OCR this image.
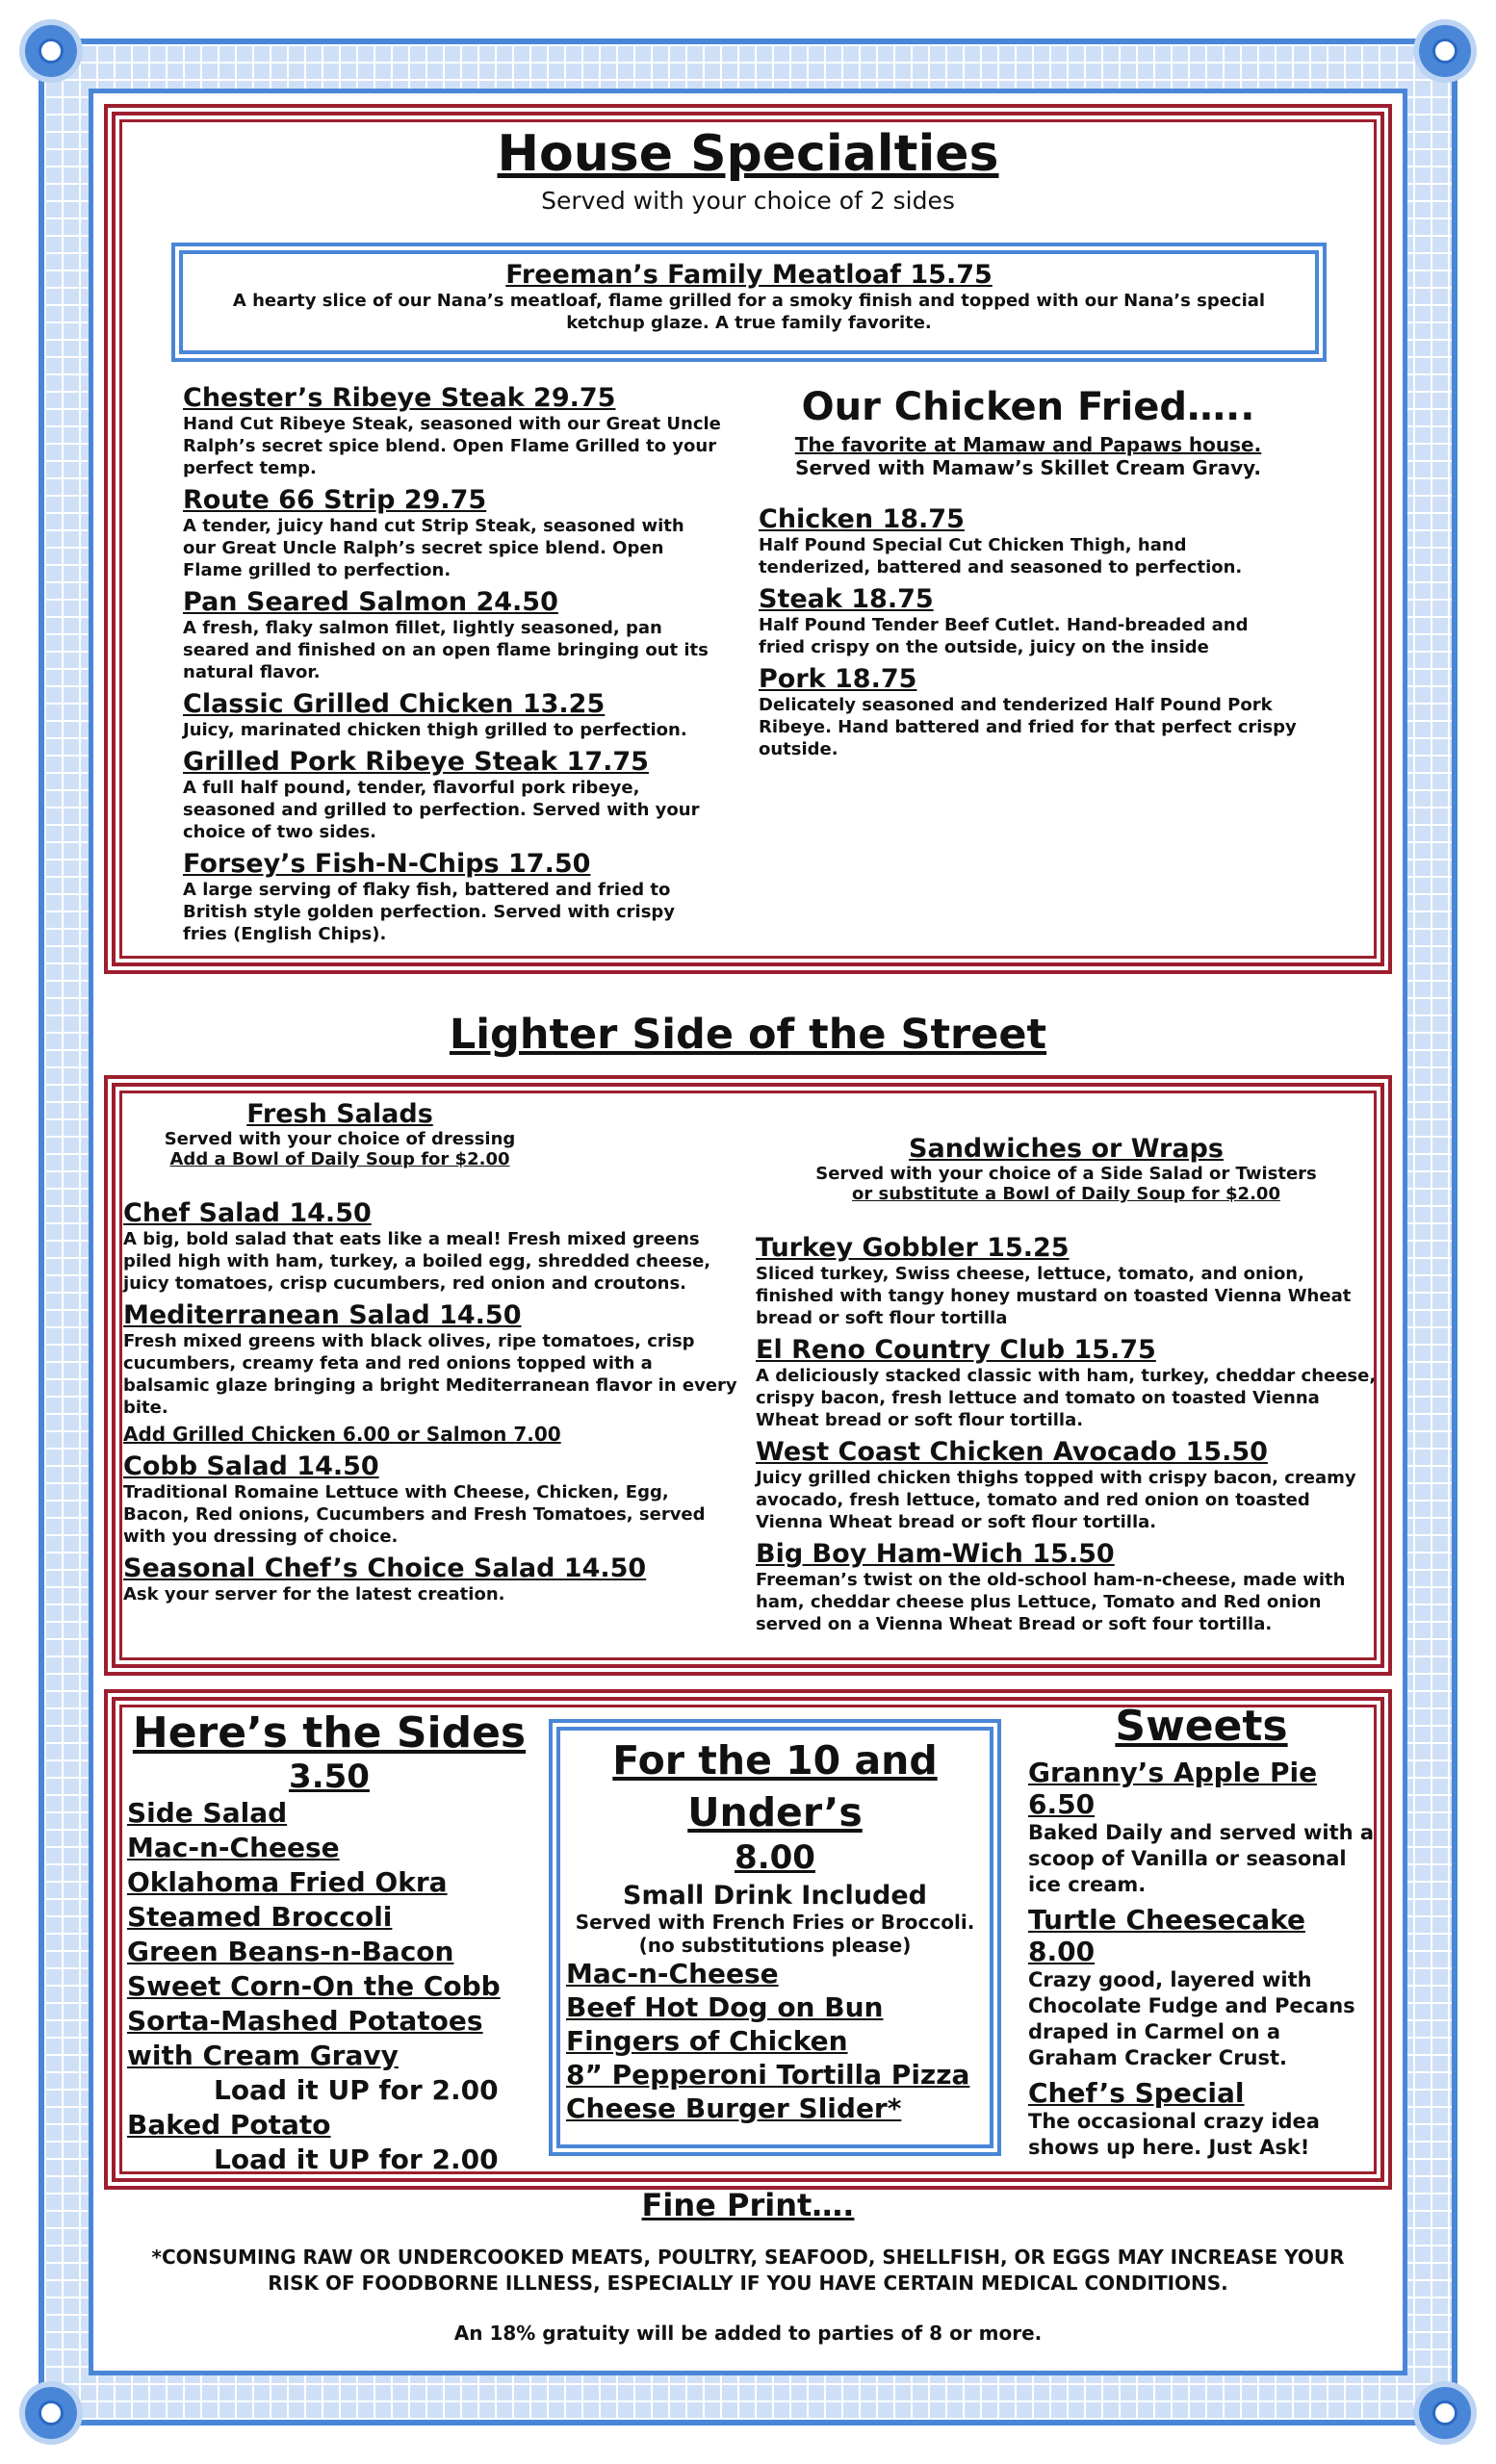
House Specialties
Served with your choice of 2 sides
Freeman’s Family Meatloaf 15.75
A hearty slice of our Nana’s meatloaf, flame grilled for a smoky finish and topped with our Nana’s special ketchup glaze. A true family favorite.
Chester’s Ribeye Steak 29.75
Hand Cut Ribeye Steak, seasoned with our Great Uncle Ralph’s secret spice blend. Open Flame Grilled to your perfect temp.
Route 66 Strip 29.75
A tender, juicy hand cut Strip Steak, seasoned with our Great Uncle Ralph’s secret spice blend. Open Flame grilled to perfection.
Pan Seared Salmon 24.50
A fresh, flaky salmon fillet, lightly seasoned, pan seared and finished on an open flame bringing out its natural flavor.
Classic Grilled Chicken 13.25
Juicy, marinated chicken thigh grilled to perfection.
Grilled Pork Ribeye Steak 17.75
A full half pound, tender, flavorful pork ribeye, seasoned and grilled to perfection. Served with your choice of two sides.
Forsey’s Fish-N-Chips 17.50
A large serving of flaky fish, battered and fried to British style golden perfection. Served with crispy fries (English Chips).
Our Chicken Fried…..
The favorite at Mamaw and Papaws house.
Served with Mamaw’s Skillet Cream Gravy.
Chicken 18.75
Half Pound Special Cut Chicken Thigh, hand tenderized, battered and seasoned to perfection.
Steak 18.75
Half Pound Tender Beef Cutlet. Hand-breaded and fried crispy on the outside, juicy on the inside
Pork 18.75
Delicately seasoned and tenderized Half Pound Pork Ribeye. Hand battered and fried for that perfect crispy outside.
Lighter Side of the Street
Fresh Salads
Served with your choice of dressing
Add a Bowl of Daily Soup for $2.00
Chef Salad 14.50
A big, bold salad that eats like a meal! Fresh mixed greens piled high with ham, turkey, a boiled egg, shredded cheese, juicy tomatoes, crisp cucumbers, red onion and croutons.
Mediterranean Salad 14.50
Fresh mixed greens with black olives, ripe tomatoes, crisp cucumbers, creamy feta and red onions topped with a balsamic glaze bringing a bright Mediterranean flavor in every bite.
Add Grilled Chicken 6.00 or Salmon 7.00
Cobb Salad 14.50
Traditional Romaine Lettuce with Cheese, Chicken, Egg, Bacon, Red onions, Cucumbers and Fresh Tomatoes, served with you dressing of choice.
Seasonal Chef’s Choice Salad 14.50
Ask your server for the latest creation.
Sandwiches or Wraps
Served with your choice of a Side Salad or Twisters
or substitute a Bowl of Daily Soup for $2.00
Turkey Gobbler 15.25
Sliced turkey, Swiss cheese, lettuce, tomato, and onion, finished with tangy honey mustard on toasted Vienna Wheat bread or soft flour tortilla
El Reno Country Club 15.75
A deliciously stacked classic with ham, turkey, cheddar cheese, crispy bacon, fresh lettuce and tomato on toasted Vienna Wheat bread or soft flour tortilla.
West Coast Chicken Avocado 15.50
Juicy grilled chicken thighs topped with crispy bacon, creamy avocado, fresh lettuce, tomato and red onion on toasted Vienna Wheat bread or soft flour tortilla.
Big Boy Ham-Wich 15.50
Freeman’s twist on the old-school ham-n-cheese, made with ham, cheddar cheese plus Lettuce, Tomato and Red onion served on a Vienna Wheat Bread or soft four tortilla.
Here’s the Sides
3.50
Side Salad
Mac-n-Cheese
Oklahoma Fried Okra
Steamed Broccoli
Green Beans-n-Bacon
Sweet Corn-On the Cobb
Sorta-Mashed Potatoes
with Cream Gravy
Load it UP for 2.00
Baked Potato
Load it UP for 2.00
For the 10 and Under’s
8.00
Small Drink Included
Served with French Fries or Broccoli.
(no substitutions please)
Mac-n-Cheese
Beef Hot Dog on Bun
Fingers of Chicken
8” Pepperoni Tortilla Pizza
Cheese Burger Slider*
Sweets
Granny’s Apple Pie 6.50
Baked Daily and served with a scoop of Vanilla or seasonal ice cream.
Turtle Cheesecake 8.00
Crazy good, layered with Chocolate Fudge and Pecans draped in Carmel on a Graham Cracker Crust.
Chef’s Special
The occasional crazy idea shows up here. Just Ask!
Fine Print….
*CONSUMING RAW OR UNDERCOOKED MEATS, POULTRY, SEAFOOD, SHELLFISH, OR EGGS MAY INCREASE YOUR RISK OF FOODBORNE ILLNESS, ESPECIALLY IF YOU HAVE CERTAIN MEDICAL CONDITIONS.
An 18% gratuity will be added to parties of 8 or more.
